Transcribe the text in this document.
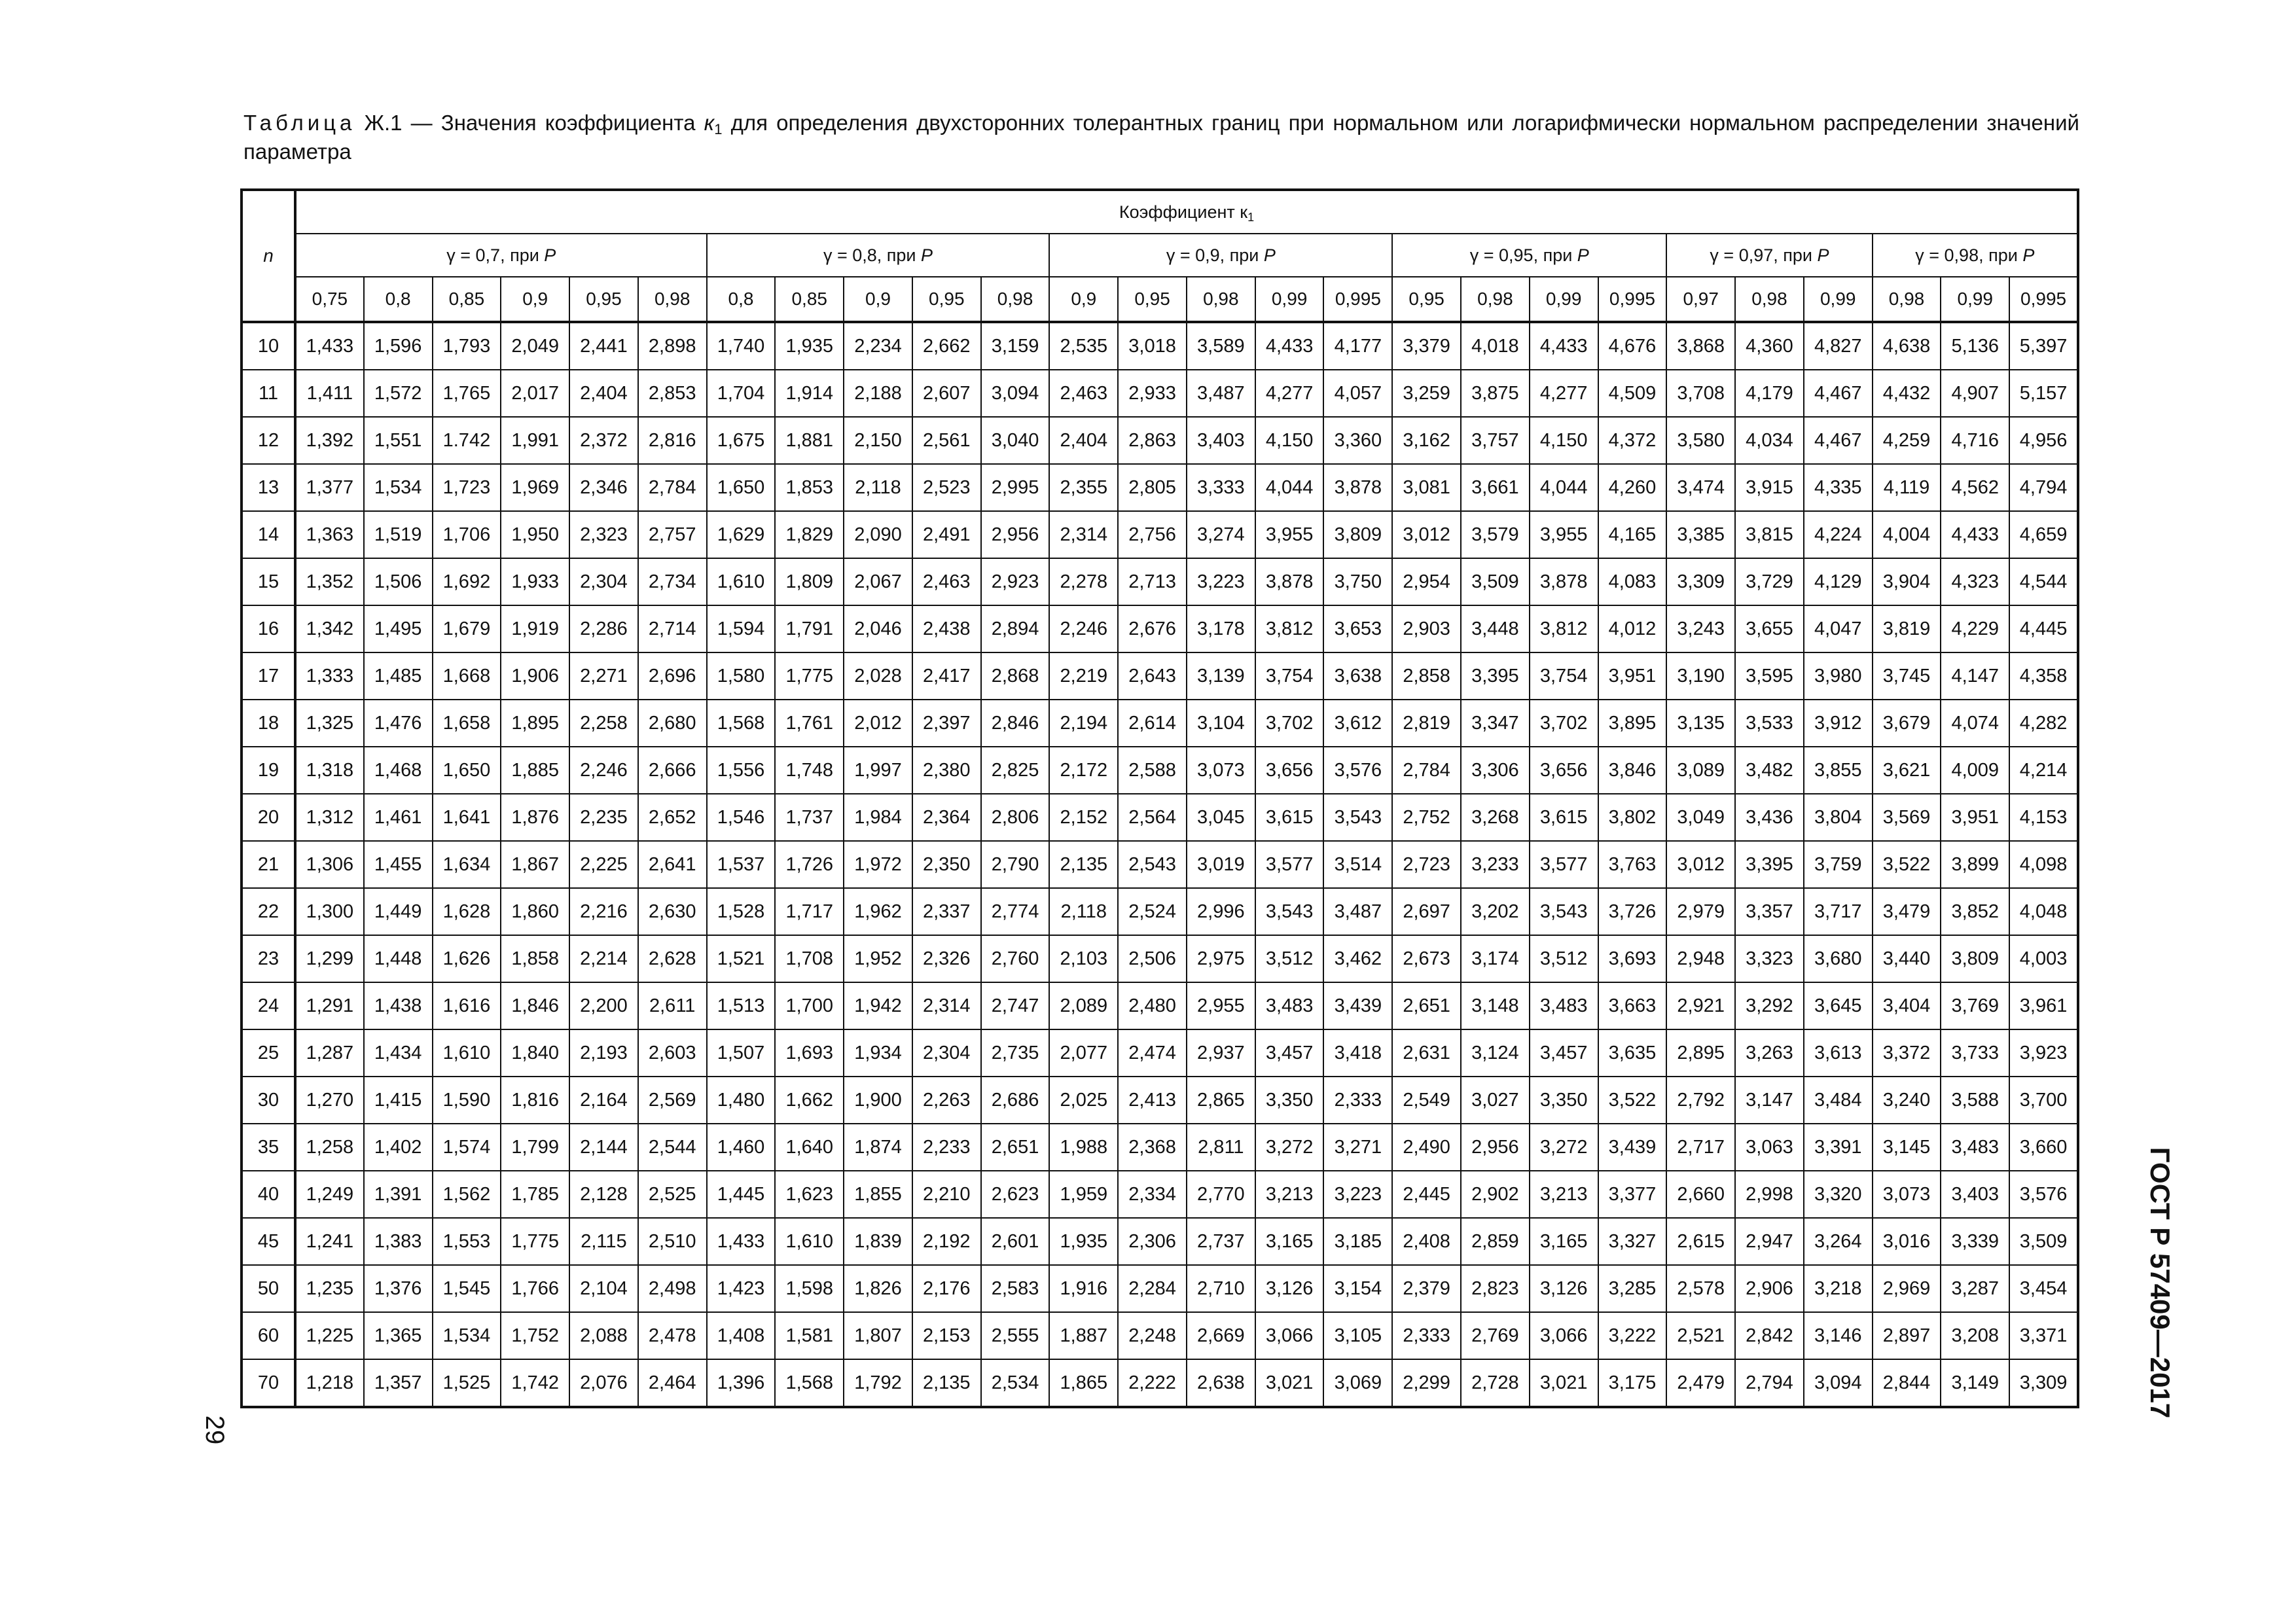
Таблица Ж.1 — Значения коэффициента $к_1$ для определения двухсторонних толерантных границ при нормальном или логарифмически нормальном распределении значений параметра

n	Коэффициент $к_1$
	γ = 0,7, при P						γ = 0,8, при P					γ = 0,9, при P					γ = 0,95, при P				γ = 0,97, при P			γ = 0,98, при P		
	0,75	0,8	0,85	0,9	0,95	0,98	0,8	0,85	0,9	0,95	0,98	0,9	0,95	0,98	0,99	0,995	0,95	0,98	0,99	0,995	0,97	0,98	0,99	0,98	0,99	0,995
10	1,433	1,596	1,793	2,049	2,441	2,898	1,740	1,935	2,234	2,662	3,159	2,535	3,018	3,589	4,433	4,177	3,379	4,018	4,433	4,676	3,868	4,360	4,827	4,638	5,136	5,397
11	1,411	1,572	1,765	2,017	2,404	2,853	1,704	1,914	2,188	2,607	3,094	2,463	2,933	3,487	4,277	4,057	3,259	3,875	4,277	4,509	3,708	4,179	4,467	4,432	4,907	5,157
12	1,392	1,551	1.742	1,991	2,372	2,816	1,675	1,881	2,150	2,561	3,040	2,404	2,863	3,403	4,150	3,360	3,162	3,757	4,150	4,372	3,580	4,034	4,467	4,259	4,716	4,956
13	1,377	1,534	1,723	1,969	2,346	2,784	1,650	1,853	2,118	2,523	2,995	2,355	2,805	3,333	4,044	3,878	3,081	3,661	4,044	4,260	3,474	3,915	4,335	4,119	4,562	4,794
14	1,363	1,519	1,706	1,950	2,323	2,757	1,629	1,829	2,090	2,491	2,956	2,314	2,756	3,274	3,955	3,809	3,012	3,579	3,955	4,165	3,385	3,815	4,224	4,004	4,433	4,659
15	1,352	1,506	1,692	1,933	2,304	2,734	1,610	1,809	2,067	2,463	2,923	2,278	2,713	3,223	3,878	3,750	2,954	3,509	3,878	4,083	3,309	3,729	4,129	3,904	4,323	4,544
16	1,342	1,495	1,679	1,919	2,286	2,714	1,594	1,791	2,046	2,438	2,894	2,246	2,676	3,178	3,812	3,653	2,903	3,448	3,812	4,012	3,243	3,655	4,047	3,819	4,229	4,445
17	1,333	1,485	1,668	1,906	2,271	2,696	1,580	1,775	2,028	2,417	2,868	2,219	2,643	3,139	3,754	3,638	2,858	3,395	3,754	3,951	3,190	3,595	3,980	3,745	4,147	4,358
18	1,325	1,476	1,658	1,895	2,258	2,680	1,568	1,761	2,012	2,397	2,846	2,194	2,614	3,104	3,702	3,612	2,819	3,347	3,702	3,895	3,135	3,533	3,912	3,679	4,074	4,282
19	1,318	1,468	1,650	1,885	2,246	2,666	1,556	1,748	1,997	2,380	2,825	2,172	2,588	3,073	3,656	3,576	2,784	3,306	3,656	3,846	3,089	3,482	3,855	3,621	4,009	4,214
20	1,312	1,461	1,641	1,876	2,235	2,652	1,546	1,737	1,984	2,364	2,806	2,152	2,564	3,045	3,615	3,543	2,752	3,268	3,615	3,802	3,049	3,436	3,804	3,569	3,951	4,153
21	1,306	1,455	1,634	1,867	2,225	2,641	1,537	1,726	1,972	2,350	2,790	2,135	2,543	3,019	3,577	3,514	2,723	3,233	3,577	3,763	3,012	3,395	3,759	3,522	3,899	4,098
22	1,300	1,449	1,628	1,860	2,216	2,630	1,528	1,717	1,962	2,337	2,774	2,118	2,524	2,996	3,543	3,487	2,697	3,202	3,543	3,726	2,979	3,357	3,717	3,479	3,852	4,048
23	1,299	1,448	1,626	1,858	2,214	2,628	1,521	1,708	1,952	2,326	2,760	2,103	2,506	2,975	3,512	3,462	2,673	3,174	3,512	3,693	2,948	3,323	3,680	3,440	3,809	4,003
24	1,291	1,438	1,616	1,846	2,200	2,611	1,513	1,700	1,942	2,314	2,747	2,089	2,480	2,955	3,483	3,439	2,651	3,148	3,483	3,663	2,921	3,292	3,645	3,404	3,769	3,961
25	1,287	1,434	1,610	1,840	2,193	2,603	1,507	1,693	1,934	2,304	2,735	2,077	2,474	2,937	3,457	3,418	2,631	3,124	3,457	3,635	2,895	3,263	3,613	3,372	3,733	3,923
30	1,270	1,415	1,590	1,816	2,164	2,569	1,480	1,662	1,900	2,263	2,686	2,025	2,413	2,865	3,350	2,333	2,549	3,027	3,350	3,522	2,792	3,147	3,484	3,240	3,588	3,700
35	1,258	1,402	1,574	1,799	2,144	2,544	1,460	1,640	1,874	2,233	2,651	1,988	2,368	2,811	3,272	3,271	2,490	2,956	3,272	3,439	2,717	3,063	3,391	3,145	3,483	3,660
40	1,249	1,391	1,562	1,785	2,128	2,525	1,445	1,623	1,855	2,210	2,623	1,959	2,334	2,770	3,213	3,223	2,445	2,902	3,213	3,377	2,660	2,998	3,320	3,073	3,403	3,576
45	1,241	1,383	1,553	1,775	2,115	2,510	1,433	1,610	1,839	2,192	2,601	1,935	2,306	2,737	3,165	3,185	2,408	2,859	3,165	3,327	2,615	2,947	3,264	3,016	3,339	3,509
50	1,235	1,376	1,545	1,766	2,104	2,498	1,423	1,598	1,826	2,176	2,583	1,916	2,284	2,710	3,126	3,154	2,379	2,823	3,126	3,285	2,578	2,906	3,218	2,969	3,287	3,454
60	1,225	1,365	1,534	1,752	2,088	2,478	1,408	1,581	1,807	2,153	2,555	1,887	2,248	2,669	3,066	3,105	2,333	2,769	3,066	3,222	2,521	2,842	3,146	2,897	3,208	3,371
70	1,218	1,357	1,525	1,742	2,076	2,464	1,396	1,568	1,792	2,135	2,534	1,865	2,222	2,638	3,021	3,069	2,299	2,728	3,021	3,175	2,479	2,794	3,094	2,844	3,149	3,309
29
ГОСТ Р 57409—2017
